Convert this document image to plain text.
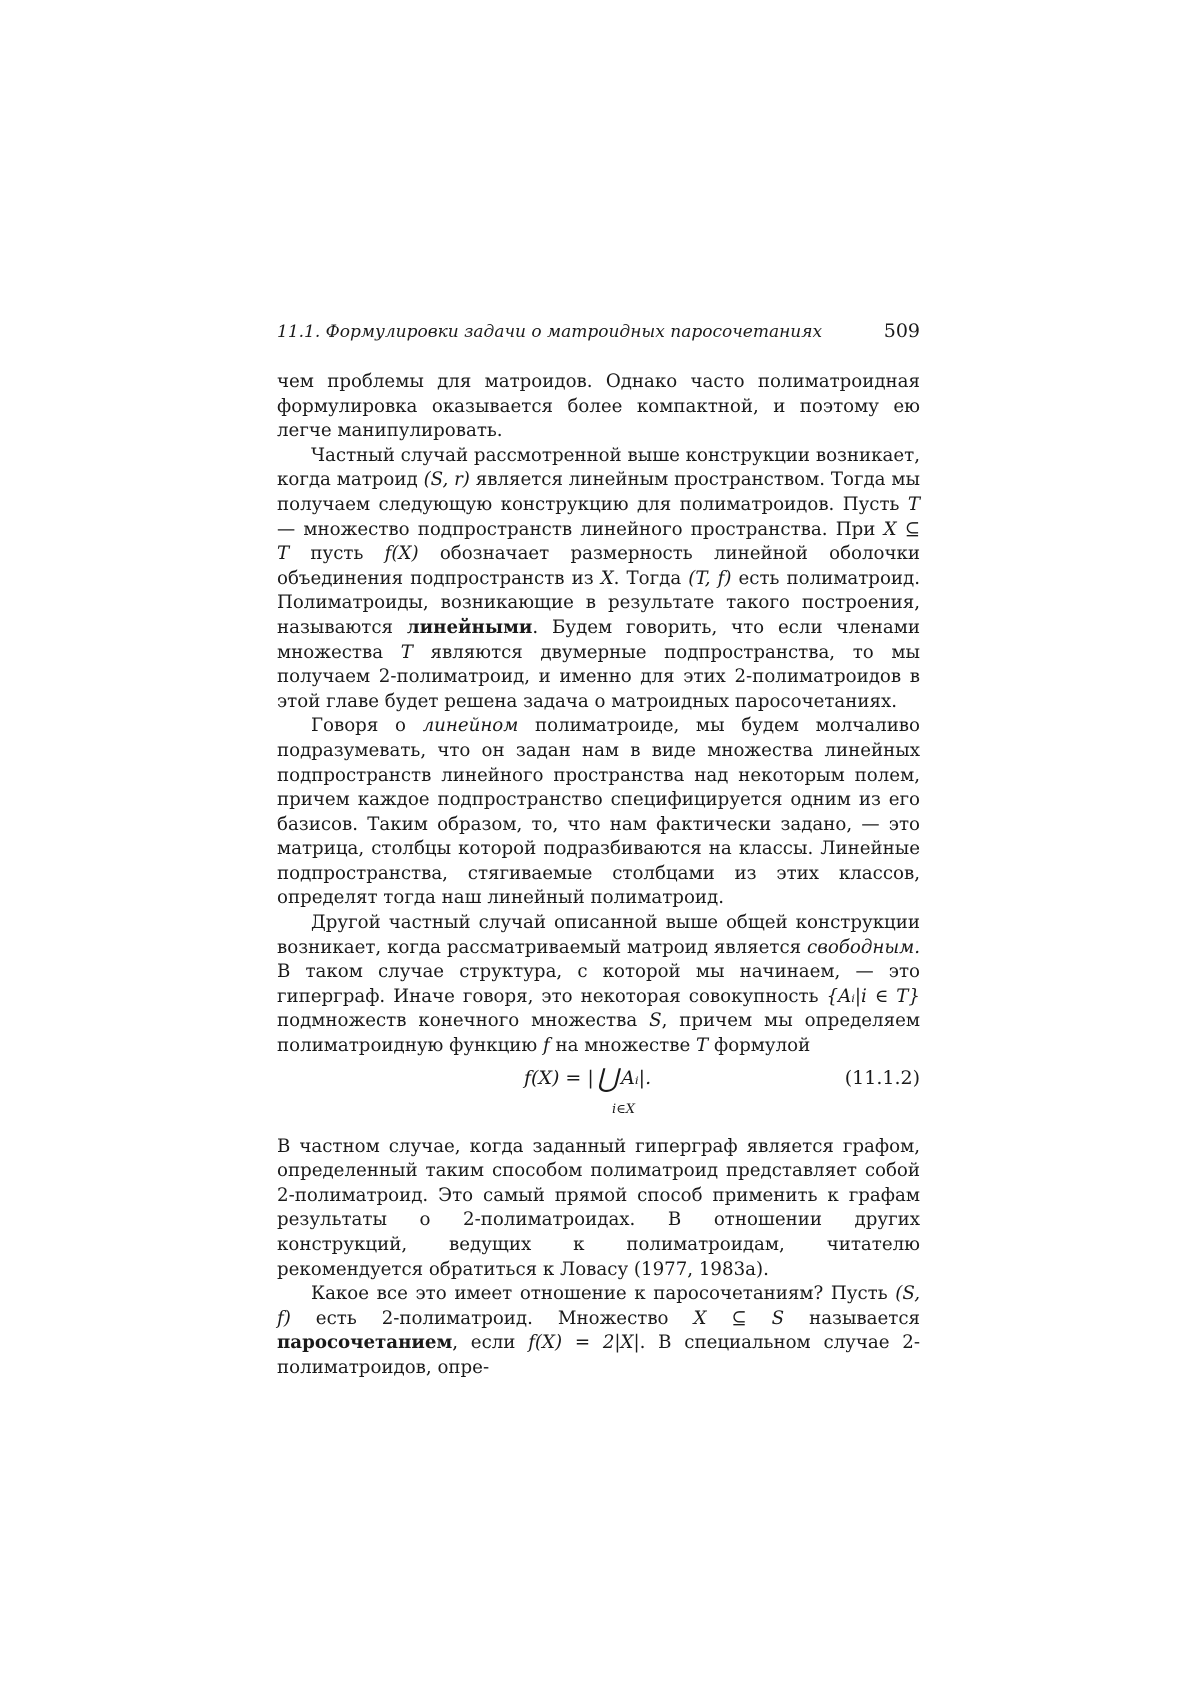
11.1. Формулировки задачи о матроидных паросочетаниях	509

чем проблемы для матроидов. Однако часто полиматроидная формулировка оказывается более компактной, и поэтому ею легче манипулировать.

Частный случай рассмотренной выше конструкции возникает, когда матроид (S, r) является линейным пространством. Тогда мы получаем следующую конструкцию для полиматроидов. Пусть T — множество подпространств линейного пространства. При X ⊆ T пусть f(X) обозначает размерность линейной оболочки объединения подпространств из X. Тогда (T, f) есть полиматроид. Полиматроиды, возникающие в результате такого построения, называются линейными. Будем говорить, что если членами множества T являются двумерные подпространства, то мы получаем 2-полиматроид, и именно для этих 2-полиматроидов в этой главе будет решена задача о матроидных паросочетаниях.

Говоря о линейном полиматроиде, мы будем молчаливо подразумевать, что он задан нам в виде множества линейных подпространств линейного пространства над некоторым полем, причем каждое подпространство специфицируется одним из его базисов. Таким образом, то, что нам фактически задано, — это матрица, столбцы которой подразбиваются на классы. Линейные подпространства, стягиваемые столбцами из этих классов, определят тогда наш линейный полиматроид.

Другой частный случай описанной выше общей конструкции возникает, когда рассматриваемый матроид является свободным. В таком случае структура, с которой мы начинаем, — это гиперграф. Иначе говоря, это некоторая совокупность {Aᵢ|i ∈ T} подмножеств конечного множества S, причем мы определяем полиматроидную функцию f на множестве T формулой

f(X) = | ⋃ Aᵢ|.
i∈X
(11.1.2)

В частном случае, когда заданный гиперграф является графом, определенный таким способом полиматроид представляет собой 2-полиматроид. Это самый прямой способ применить к графам результаты о 2-полиматроидах. В отношении других конструкций, ведущих к полиматроидам, читателю рекомендуется обратиться к Ловасу (1977, 1983a).

Какое все это имеет отношение к паросочетаниям? Пусть (S, f) есть 2-полиматроид. Множество X ⊆ S называется паросочетанием, если f(X) = 2|X|. В специальном случае 2-полиматроидов, опре-
